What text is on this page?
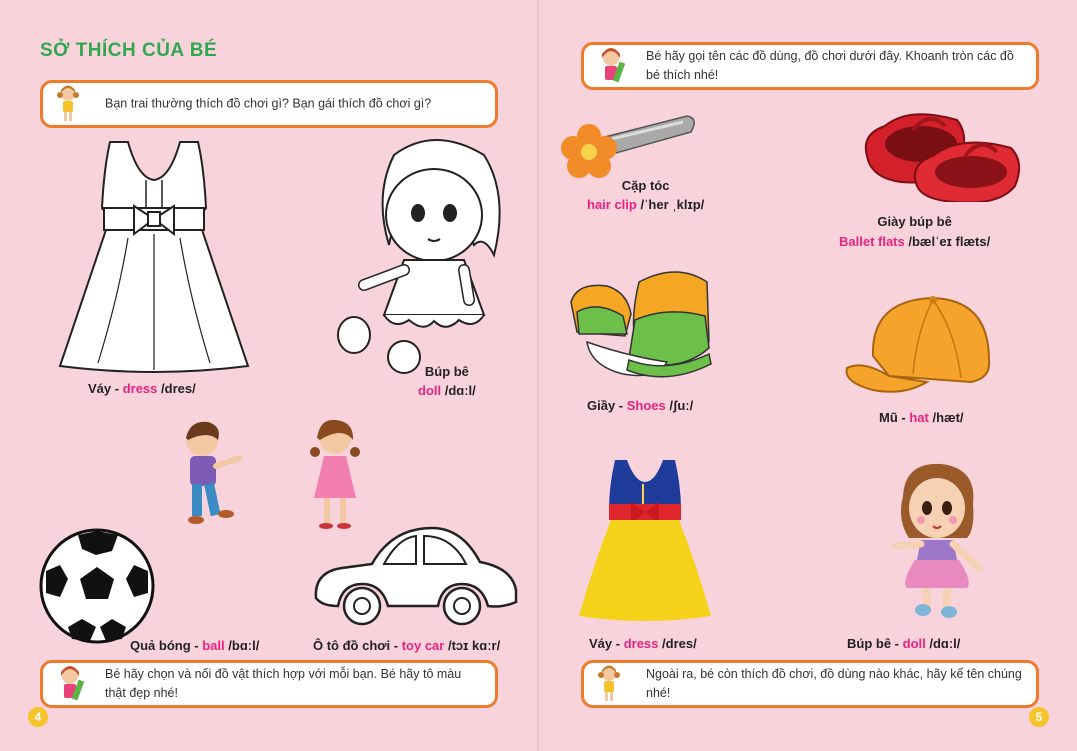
SỞ THÍCH CỦA BÉ
Bạn trai thường thích đồ chơi gì? Bạn gái thích đồ chơi gì?
Váy - dress /dres/
Búp bê
doll /dɑːl/
Quả bóng - ball /bɑːl/	Ô tô đồ chơi - toy car /tɔɪ kɑːr/
Bé hãy chọn và nối đồ vật thích hợp với mỗi bạn. Bé hãy tô màu thật đẹp nhé!
4
Bé hãy gọi tên các đồ dùng, đồ chơi dưới đây. Khoanh tròn các đồ bé thích nhé!
Cặp tóc
hair clip /ˈher ˌklɪp/
Giày búp bê
Ballet flats /bælˈeɪ flæts/
Giầy - Shoes /ʃuː/
Mũ - hat /hæt/
Váy - dress /dres/	Búp bê - doll /dɑːl/
Ngoài ra, bé còn thích đồ chơi, đồ dùng nào khác, hãy kể tên chúng nhé!
5
